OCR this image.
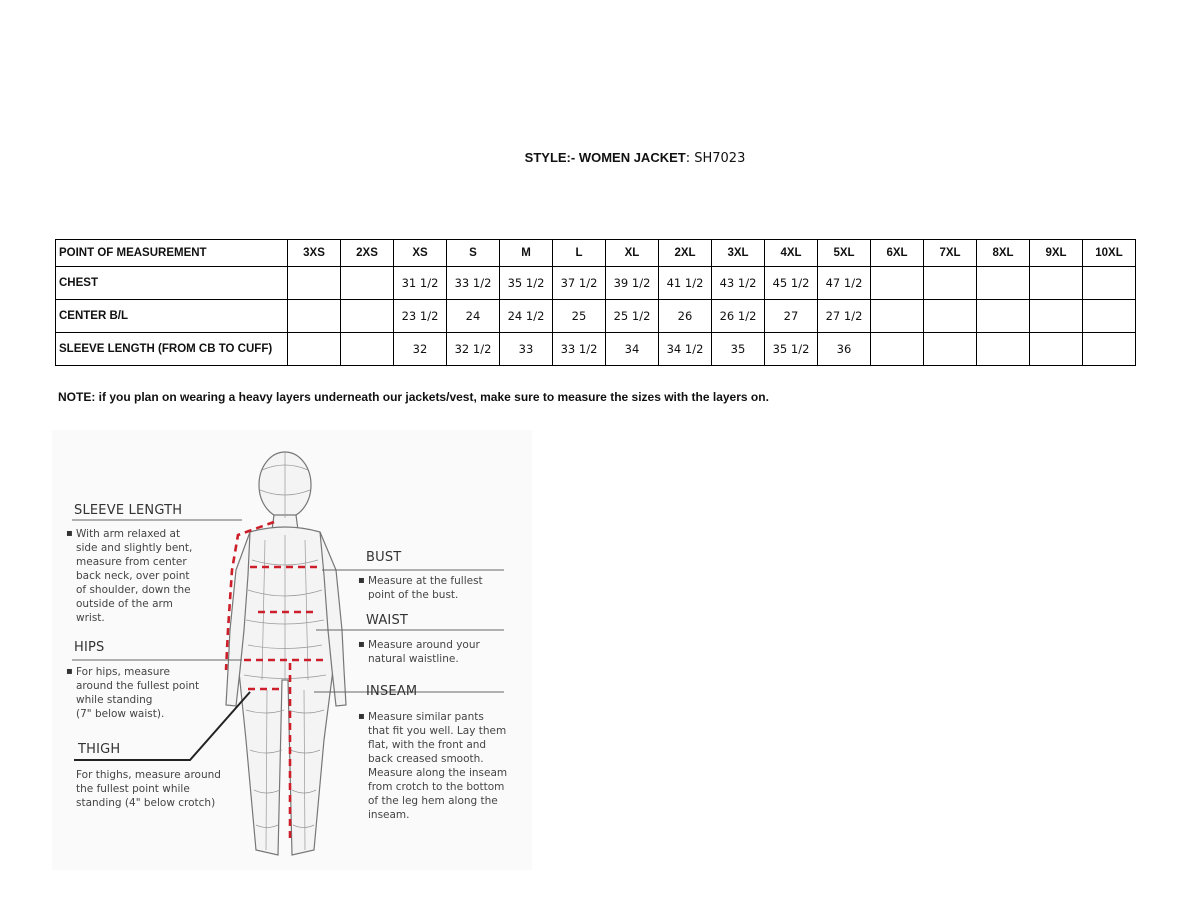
STYLE:- WOMEN JACKET: SH7023
POINT OF MEASUREMENT	3XS	2XS	XS	S	M	L	XL	2XL	3XL	4XL	5XL	6XL	7XL	8XL	9XL	10XL
CHEST			31 1/2	33 1/2	35 1/2	37 1/2	39 1/2	41 1/2	43 1/2	45 1/2	47 1/2					
CENTER B/L			23 1/2	24	24 1/2	25	25 1/2	26	26 1/2	27	27 1/2					
SLEEVE LENGTH (FROM CB TO CUFF)			32	32 1/2	33	33 1/2	34	34 1/2	35	35 1/2	36					
NOTE: if you plan on wearing a heavy layers underneath our jackets/vest, make sure to measure the sizes with the layers on.
SLEEVE LENGTH
▪ With arm relaxed at
side and slightly bent,
measure from center
back neck, over point
of shoulder, down the
outside of the arm
wrist.
HIPS
▪ For hips, measure
around the fullest point
while standing
(7" below waist).
THIGH
For thighs, measure around
the fullest point while
standing (4" below crotch)
BUST
▪ Measure at the fullest
point of the bust.
WAIST
▪ Measure around your
natural waistline.
INSEAM
▪ Measure similar pants
that fit you well. Lay them
flat, with the front and
back creased smooth.
Measure along the inseam
from crotch to the bottom
of the leg hem along the
inseam.
